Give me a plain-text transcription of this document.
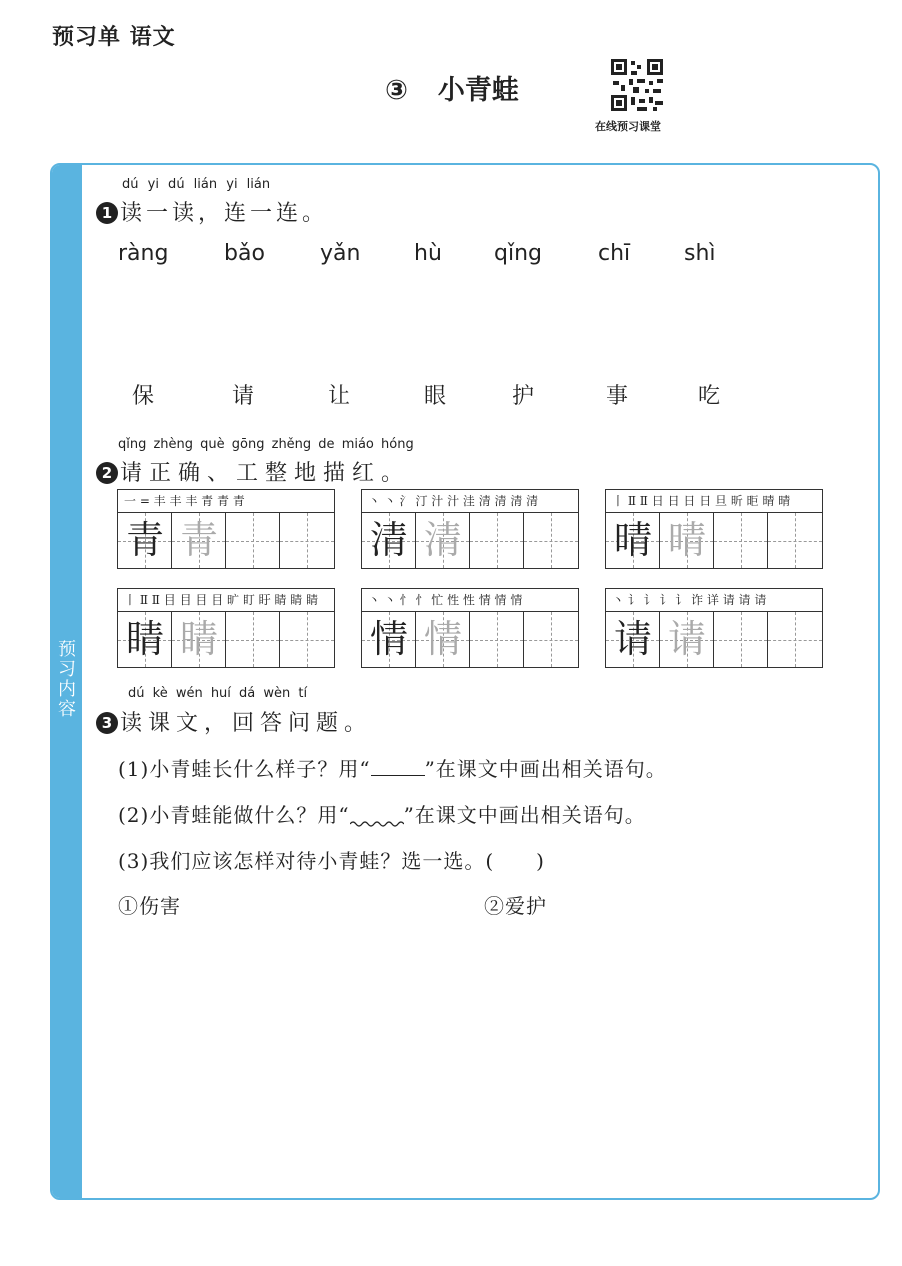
预习单 语文
③ 小青蛙
在线预习课堂
预习内容
dú yi dú lián yi lián
1 读一读，连一连。
ràng	bǎo	yǎn hù qǐng	chī shì
保	请	让	眼	护	事	吃
qǐng zhèng què gōng zhěng de miáo hóng
2 请正确、工整地描红。
一 = 丰 丰 丰 青 青 青
青 青
丶 丶 氵 汀 汁 汁 洼 清 清 清 清
清 清
丨 Ⅱ Ⅱ 日 日 日 日 旦 昕 昛 晴 晴
晴 晴
丨 Ⅱ Ⅱ 目 目 目 目 旷 盯 盱 睛 睛 睛
睛 睛
丶 丶 忄 忄 忙 性 性 情 情 情
情 情
丶 讠 讠 讠 讠 诈 详 请 请 请
请 请
dú kè wén huí dá wèn tí
3 读课文，回答问题。
(1)小青蛙长什么样子？用“	”在课文中画出相关语句。
(2)小青蛙能做什么？用“	”在课文中画出相关语句。
(3)我们应该怎样对待小青蛙？选一选。(　　)
①伤害	②爱护
